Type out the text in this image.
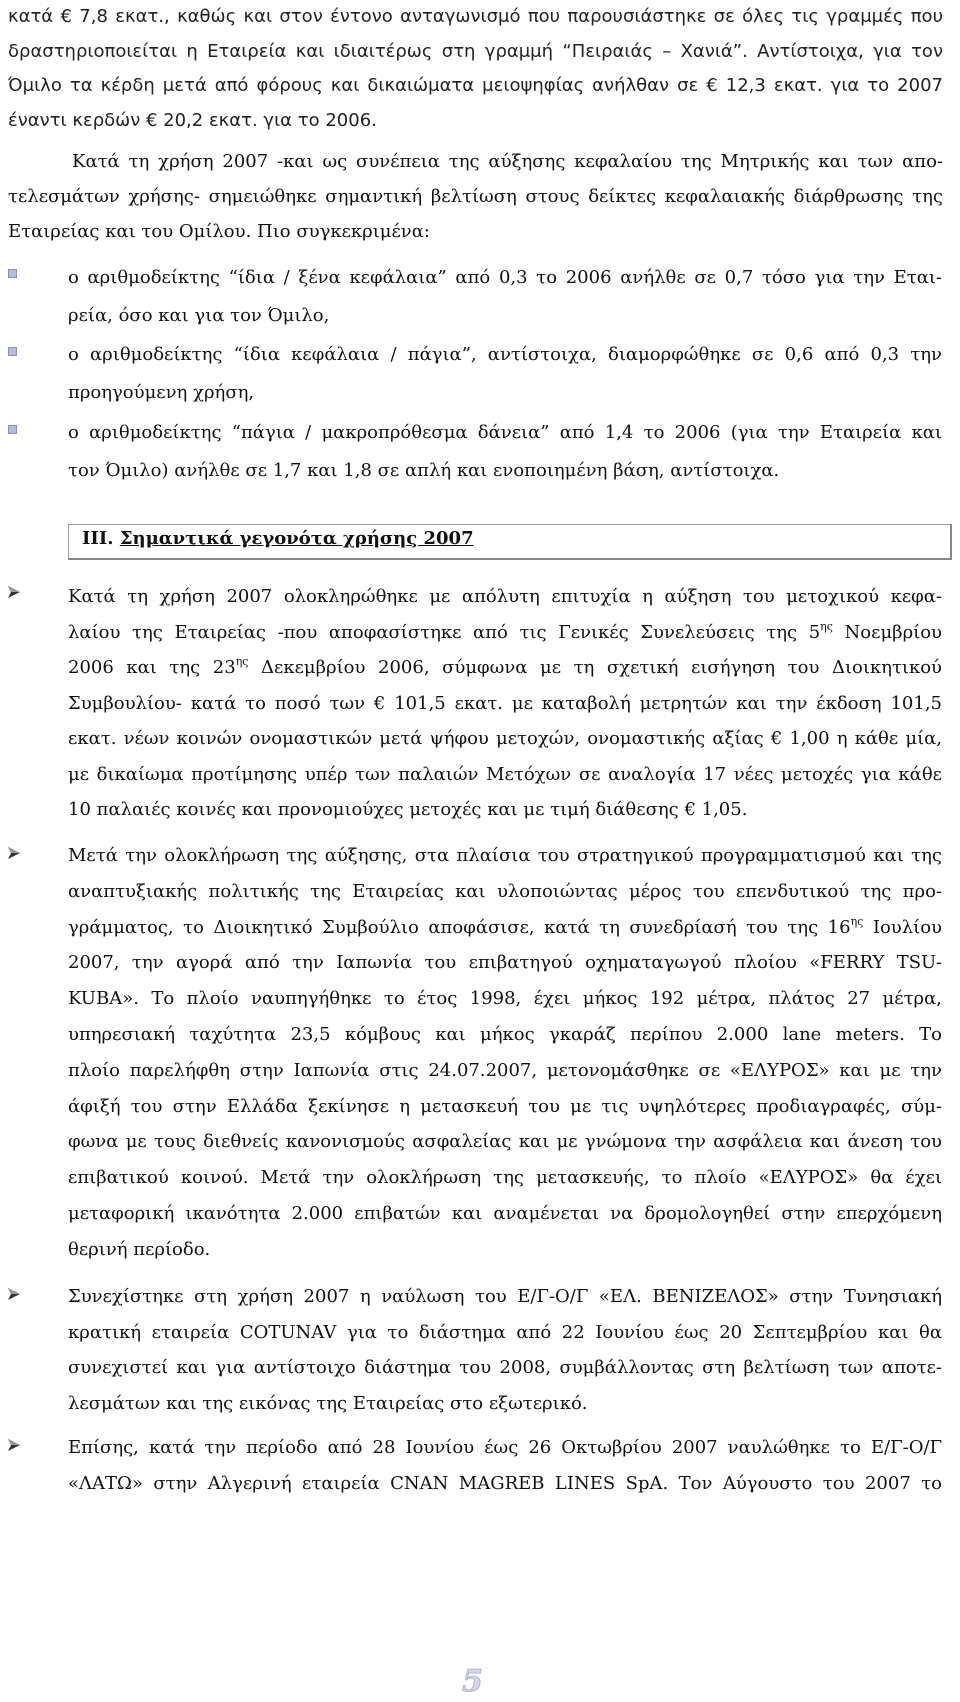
κατά € 7,8 εκατ., καθώς και στον έντονο ανταγωνισμό που παρουσιάστηκε σε όλες τις γραμμές που
δραστηριοποιείται η Εταιρεία και ιδιαιτέρως στη γραμμή “Πειραιάς – Χανιά”. Αντίστοιχα, για τον
Όμιλο τα κέρδη μετά από φόρους και δικαιώματα μειοψηφίας ανήλθαν σε € 12,3 εκατ. για το 2007
έναντι κερδών € 20,2 εκατ. για το 2006.
Κατά τη χρήση 2007 -και ως συνέπεια της αύξησης κεφαλαίου της Μητρικής και των απο-
τελεσμάτων χρήσης- σημειώθηκε σημαντική βελτίωση στους δείκτες κεφαλαιακής διάρθρωσης της
Εταιρείας και του Ομίλου. Πιο συγκεκριμένα:
ο αριθμοδείκτης “ίδια / ξένα κεφάλαια” από 0,3 το 2006 ανήλθε σε 0,7 τόσο για την Εται-
ρεία, όσο και για τον Όμιλο,
ο αριθμοδείκτης “ίδια κεφάλαια / πάγια”, αντίστοιχα, διαμορφώθηκε σε 0,6 από 0,3 την
προηγούμενη χρήση,
ο αριθμοδείκτης “πάγια / μακροπρόθεσμα δάνεια” από 1,4 το 2006 (για την Εταιρεία και
τον Όμιλο) ανήλθε σε 1,7 και 1,8 σε απλή και ενοποιημένη βάση, αντίστοιχα.
III. Σημαντικά γεγονότα χρήσης 2007
Κατά τη χρήση 2007 ολοκληρώθηκε με απόλυτη επιτυχία η αύξηση του μετοχικού κεφα-
λαίου της Εταιρείας -που αποφασίστηκε από τις Γενικές Συνελεύσεις της $5^{\eta\varsigma}$ Νοεμβρίου
2006 και της $23^{\eta\varsigma}$ Δεκεμβρίου 2006, σύμφωνα με τη σχετική εισήγηση του Διοικητικού
Συμβουλίου- κατά το ποσό των € 101,5 εκατ. με καταβολή μετρητών και την έκδοση 101,5
εκατ. νέων κοινών ονομαστικών μετά ψήφου μετοχών, ονομαστικής αξίας € 1,00 η κάθε μία,
με δικαίωμα προτίμησης υπέρ των παλαιών Μετόχων σε αναλογία 17 νέες μετοχές για κάθε
10 παλαιές κοινές και προνομιούχες μετοχές και με τιμή διάθεσης € 1,05.
Μετά την ολοκλήρωση της αύξησης, στα πλαίσια του στρατηγικού προγραμματισμού και της
αναπτυξιακής πολιτικής της Εταιρείας και υλοποιώντας μέρος του επενδυτικού της προ-
γράμματος, το Διοικητικό Συμβούλιο αποφάσισε, κατά τη συνεδρίασή του της $16^{\eta\varsigma}$ Ιουλίου
2007, την αγορά από την Ιαπωνία του επιβατηγού οχηματαγωγού πλοίου «FERRY TSU-
KUBA». Το πλοίο ναυπηγήθηκε το έτος 1998, έχει μήκος 192 μέτρα, πλάτος 27 μέτρα,
υπηρεσιακή ταχύτητα 23,5 κόμβους και μήκος γκαράζ περίπου 2.000 lane meters. Το
πλοίο παρελήφθη στην Ιαπωνία στις 24.07.2007, μετονομάσθηκε σε «ΕΛΥΡΟΣ» και με την
άφιξή του στην Ελλάδα ξεκίνησε η μετασκευή του με τις υψηλότερες προδιαγραφές, σύμ-
φωνα με τους διεθνείς κανονισμούς ασφαλείας και με γνώμονα την ασφάλεια και άνεση του
επιβατικού κοινού. Μετά την ολοκλήρωση της μετασκευής, το πλοίο «ΕΛΥΡΟΣ» θα έχει
μεταφορική ικανότητα 2.000 επιβατών και αναμένεται να δρομολογηθεί στην επερχόμενη
θερινή περίοδο.
Συνεχίστηκε στη χρήση 2007 η ναύλωση του Ε/Γ-Ο/Γ «ΕΛ. ΒΕΝΙΖΕΛΟΣ» στην Τυνησιακή
κρατική εταιρεία COTUNAV για το διάστημα από 22 Ιουνίου έως 20 Σεπτεμβρίου και θα
συνεχιστεί και για αντίστοιχο διάστημα του 2008, συμβάλλοντας στη βελτίωση των αποτε-
λεσμάτων και της εικόνας της Εταιρείας στο εξωτερικό.
Επίσης, κατά την περίοδο από 28 Ιουνίου έως 26 Οκτωβρίου 2007 ναυλώθηκε το Ε/Γ-Ο/Γ
«ΛΑΤΩ» στην Αλγερινή εταιρεία CNAN MAGREB LINES SpA. Τον Αύγουστο του 2007 το
5
